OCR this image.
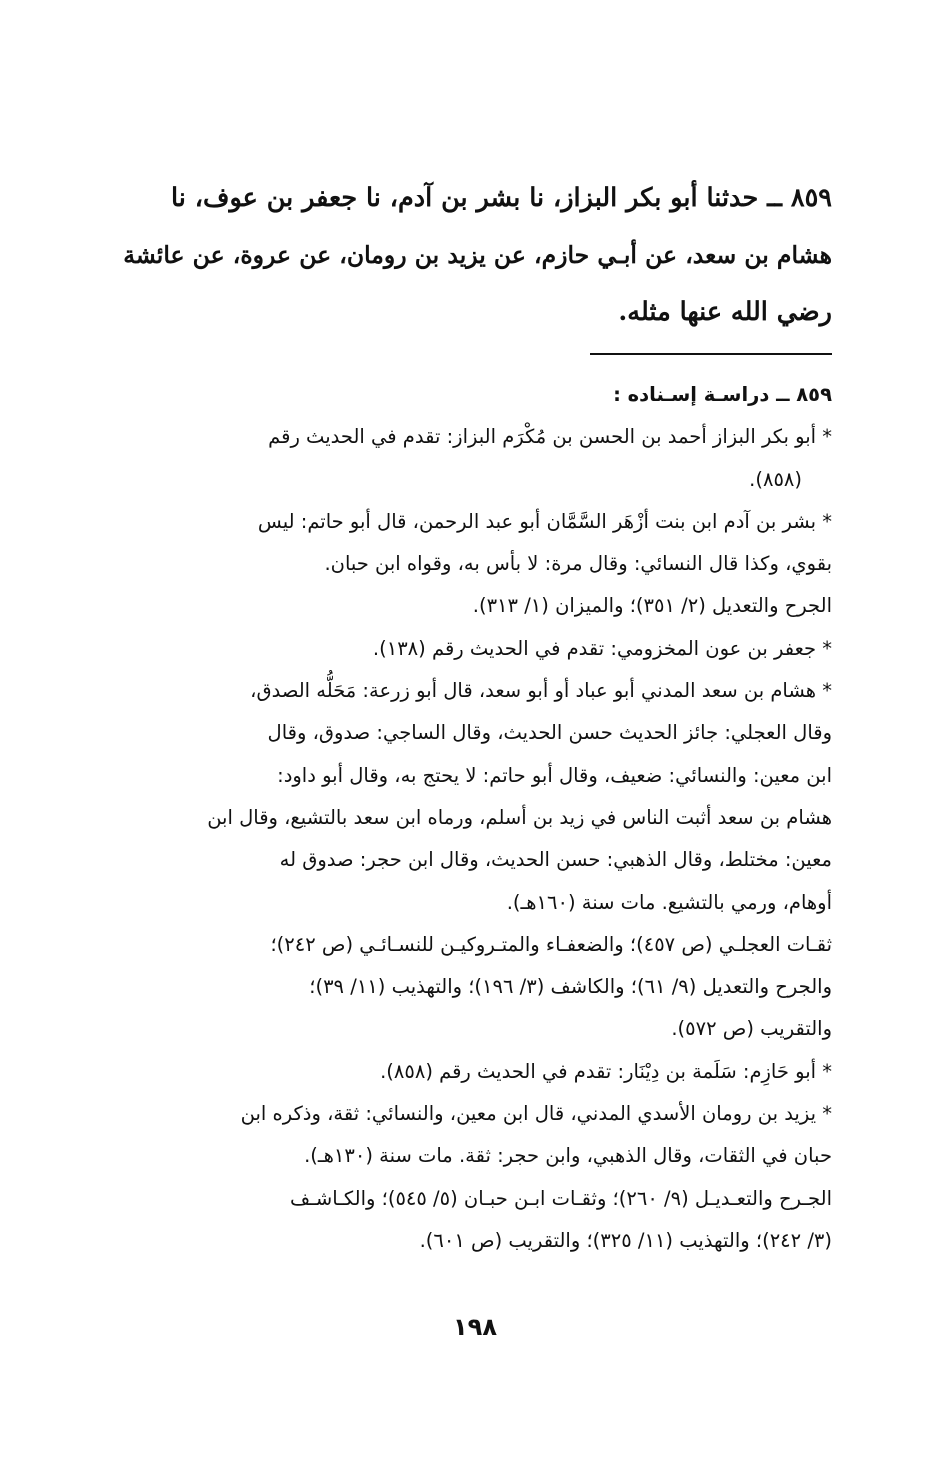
٨٥٩ ــ حدثنا أبو بكر البزاز، نا بشر بن آدم، نا جعفر بن عوف، نا
هشام بن سعد، عن أبـي حازم، عن يزيد بن رومان، عن عروة، عن عائشة
رضي الله عنها مثله.
٨٥٩ ــ دراسـة إسـناده :
* أبو بكر البزاز أحمد بن الحسن بن مُكْرَم البزاز: تقدم في الحديث رقم
(٨٥٨).
* بشر بن آدم ابن بنت أزْهَر السَّمَّان أبو عبد الرحمن، قال أبو حاتم: ليس
بقوي، وكذا قال النسائي: وقال مرة: لا بأس به، وقواه ابن حبان.
الجرح والتعديل (٢/ ٣٥١)؛ والميزان (١/ ٣١٣).
* جعفر بن عون المخزومي: تقدم في الحديث رقم (١٣٨).
* هشام بن سعد المدني أبو عباد أو أبو سعد، قال أبو زرعة: مَحَلُّه الصدق،
وقال العجلي: جائز الحديث حسن الحديث، وقال الساجي: صدوق، وقال
ابن معين: والنسائي: ضعيف، وقال أبو حاتم: لا يحتج به، وقال أبو داود:
هشام بن سعد أثبت الناس في زيد بن أسلم، ورماه ابن سعد بالتشيع، وقال ابن
معين: مختلط، وقال الذهبي: حسن الحديث، وقال ابن حجر: صدوق له
أوهام، ورمي بالتشيع. مات سنة (١٦٠هـ).
ثقـات العجلـي (ص ٤٥٧)؛ والضعفـاء والمتـروكيـن للنسـائـي (ص ٢٤٢)؛
والجرح والتعديل (٩/ ٦١)؛ والكاشف (٣/ ١٩٦)؛ والتهذيب (١١/ ٣٩)؛
والتقريب (ص ٥٧٢).
* أبو حَازِم: سَلَمة بن دِيْنَار: تقدم في الحديث رقم (٨٥٨).
* يزيد بن رومان الأسدي المدني، قال ابن معين، والنسائي: ثقة، وذكره ابن
حبان في الثقات، وقال الذهبي، وابن حجر: ثقة. مات سنة (١٣٠هـ).
الجـرح والتعـديـل (٩/ ٢٦٠)؛ وثقـات ابـن حبـان (٥/ ٥٤٥)؛ والكـاشـف
(٣/ ٢٤٢)؛ والتهذيب (١١/ ٣٢٥)؛ والتقريب (ص ٦٠١).
١٩٨
